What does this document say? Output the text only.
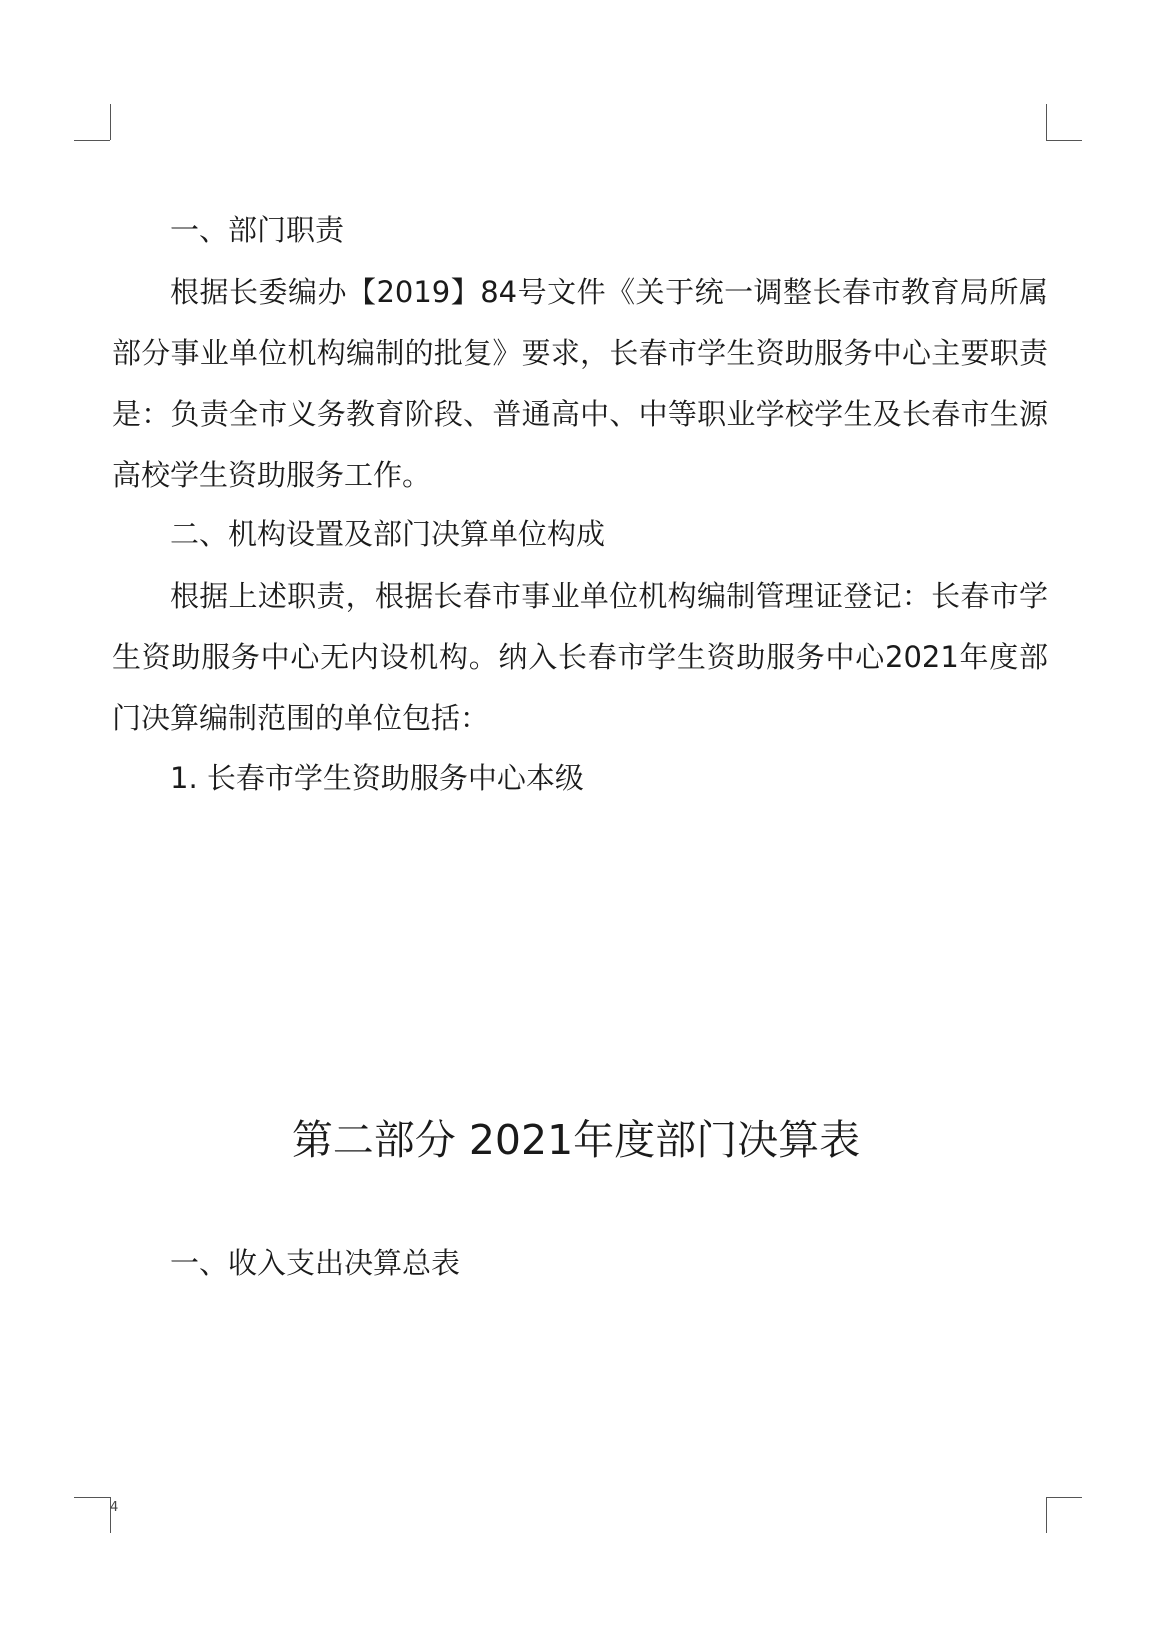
一、部门职责

根据长委编办【2019】84号文件《关于统一调整长春市教育局所属部分事业单位机构编制的批复》要求，长春市学生资助服务中心主要职责是：负责全市义务教育阶段、普通高中、中等职业学校学生及长春市生源高校学生资助服务工作。

二、机构设置及部门决算单位构成

根据上述职责，根据长春市事业单位机构编制管理证登记：长春市学生资助服务中心无内设机构。纳入长春市学生资助服务中心2021年度部门决算编制范围的单位包括：

1. 长春市学生资助服务中心本级

第二部分 2021年度部门决算表

一、收入支出决算总表

4
